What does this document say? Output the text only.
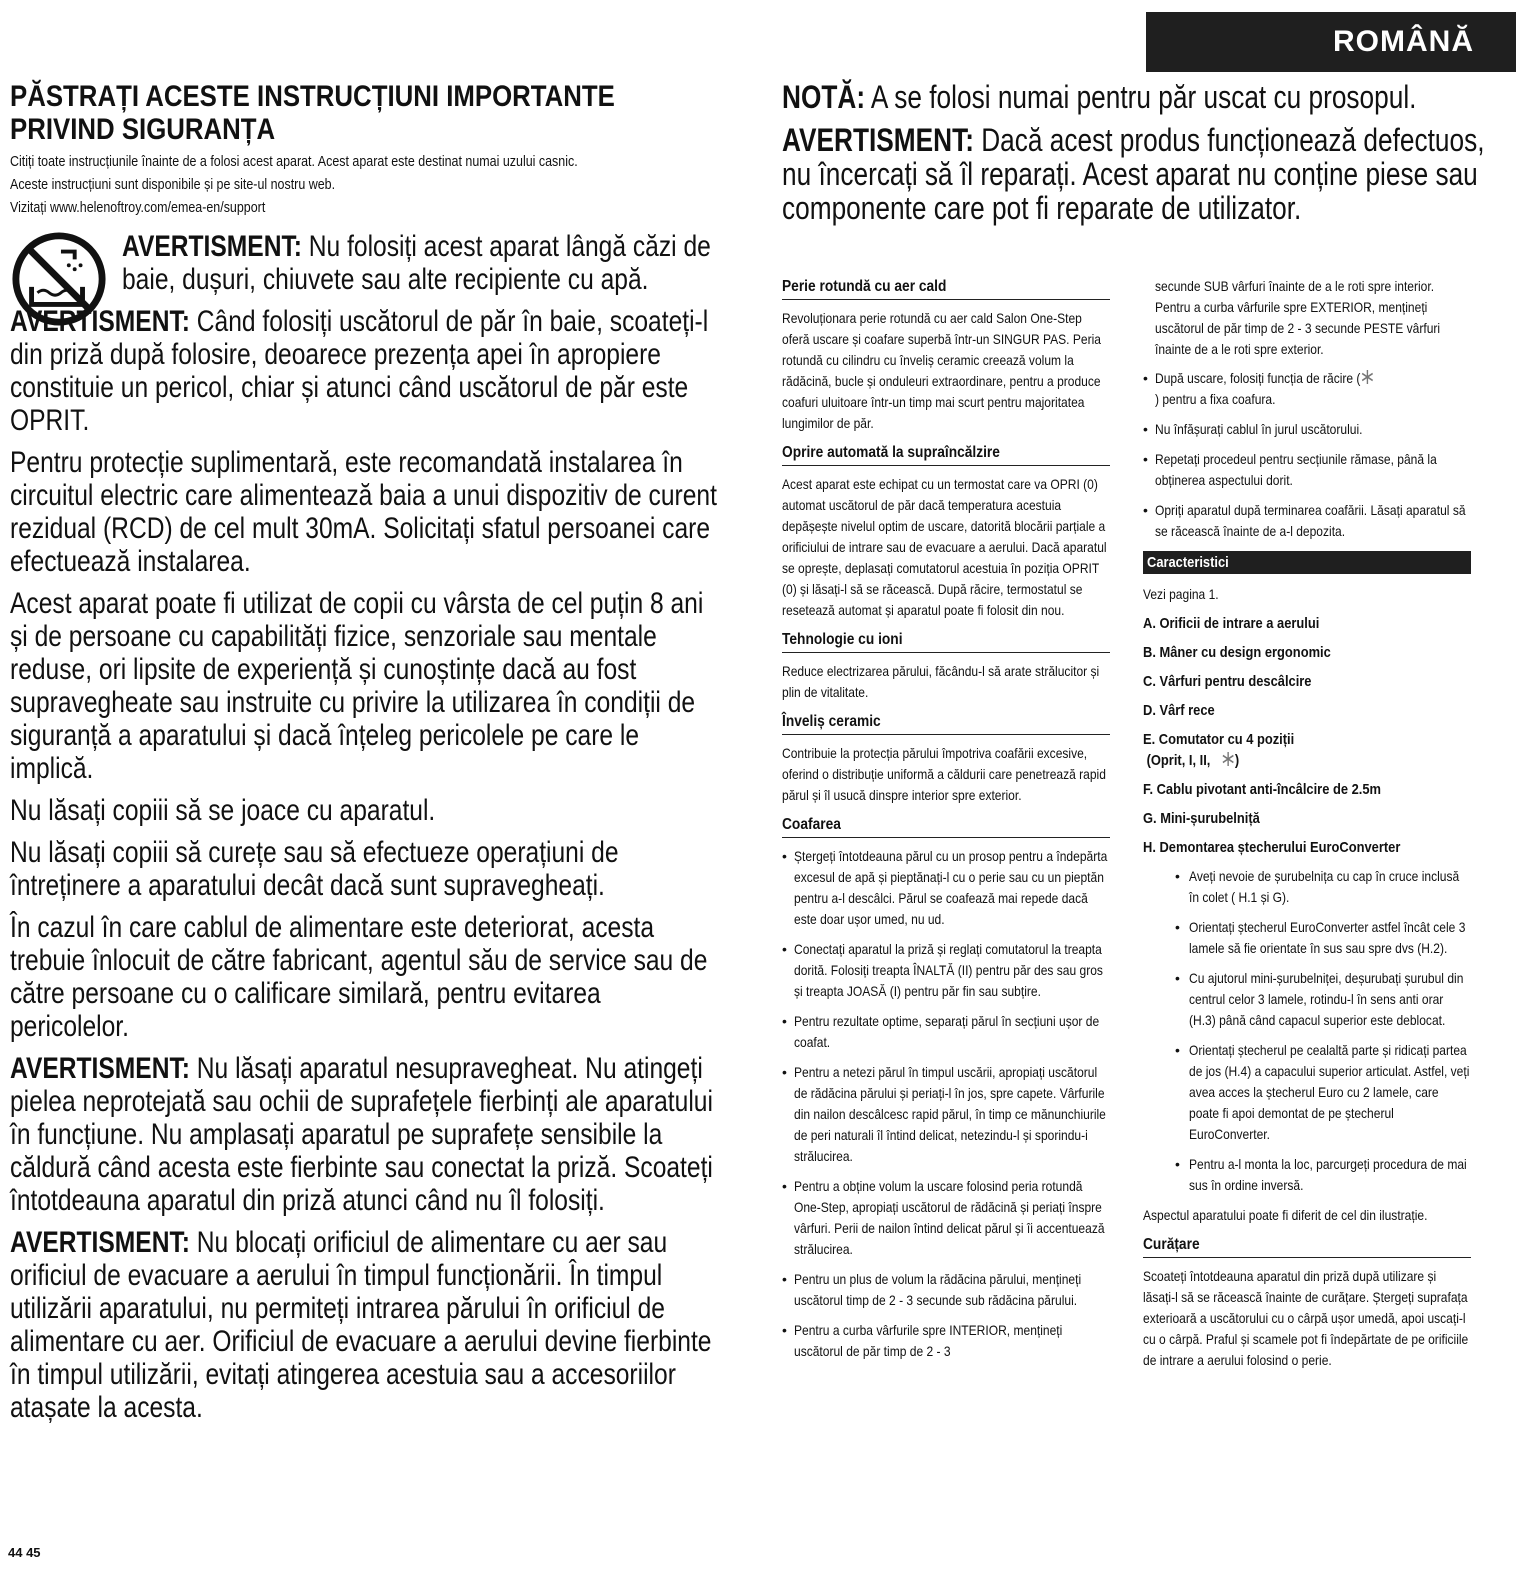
ROMÂNĂ
PĂSTRAȚI ACESTE INSTRUCȚIUNI IMPORTANTE
PRIVIND SIGURANȚA

Citiți toate instrucțiunile înainte de a folosi acest aparat. Acest aparat este destinat numai uzului casnic.

Aceste instrucțiuni sunt disponibile și pe site-ul nostru web.

Vizitați www.helenoftroy.com/emea-en/support

AVERTISMENT: Nu folosiți acest aparat lângă căzi de baie, dușuri, chiuvete sau alte recipiente cu apă.

AVERTISMENT: Când folosiți uscătorul de păr în baie, scoateți-l din priză după folosire, deoarece prezența apei în apropiere constituie un pericol, chiar și atunci când uscătorul de păr este OPRIT.

Pentru protecție suplimentară, este recomandată instalarea în circuitul electric care alimentează baia a unui dispozitiv de curent rezidual (RCD) de cel mult 30mA. Solicitați sfatul persoanei care efectuează instalarea.

Acest aparat poate fi utilizat de copii cu vârsta de cel puțin 8 ani și de persoane cu capabilități fizice, senzoriale sau mentale reduse, ori lipsite de experiență și cunoștințe dacă au fost supravegheate sau instruite cu privire la utilizarea în condiții de siguranță a aparatului și dacă înțeleg pericolele pe care le implică.

Nu lăsați copiii să se joace cu aparatul.

Nu lăsați copiii să curețe sau să efectueze operațiuni de întreținere a aparatului decât dacă sunt supravegheați.

În cazul în care cablul de alimentare este deteriorat, acesta trebuie înlocuit de către fabricant, agentul său de service sau de către persoane cu o calificare similară, pentru evitarea pericolelor.

AVERTISMENT: Nu lăsați aparatul nesupravegheat. Nu atingeți pielea neprotejată sau ochii de suprafețele fierbinți ale aparatului în funcțiune. Nu amplasați aparatul pe suprafețe sensibile la căldură când acesta este fierbinte sau conectat la priză. Scoateți întotdeauna aparatul din priză atunci când nu îl folosiți.

AVERTISMENT: Nu blocați orificiul de alimentare cu aer sau orificiul de evacuare a aerului în timpul funcționării. În timpul utilizării aparatului, nu permiteți intrarea părului în orificiul de alimentare cu aer. Orificiul de evacuare a aerului devine fierbinte în timpul utilizării, evitați atingerea acestuia sau a accesoriilor atașate la acesta.

44 45

NOTĂ: A se folosi numai pentru păr uscat cu prosopul.

AVERTISMENT: Dacă acest produs funcționează defectuos, nu încercați să îl reparați. Acest aparat nu conține piese sau componente care pot fi reparate de utilizator.

Perie rotundă cu aer cald
Revoluționara perie rotundă cu aer cald Salon One-Step oferă uscare și coafare superbă într-un SINGUR PAS. Peria rotundă cu cilindru cu înveliș ceramic creează volum la rădăcină, bucle și onduleuri extraordinare, pentru a produce coafuri uluitoare într-un timp mai scurt pentru majoritatea lungimilor de păr.
Oprire automată la supraîncălzire
Acest aparat este echipat cu un termostat care va OPRI (0) automat uscătorul de păr dacă temperatura acestuia depășește nivelul optim de uscare, datorită blocării parțiale a orificiului de intrare sau de evacuare a aerului. Dacă aparatul se oprește, deplasați comutatorul acestuia în poziția OPRIT (0) și lăsați-l să se răcească. După răcire, termostatul se resetează automat și aparatul poate fi folosit din nou.
Tehnologie cu ioni
Reduce electrizarea părului, făcându-l să arate strălucitor și plin de vitalitate.
Înveliș ceramic
Contribuie la protecția părului împotriva coafării excesive, oferind o distribuție uniformă a căldurii care penetrează rapid părul și îl usucă dinspre interior spre exterior.
Coafarea
• Ștergeți întotdeauna părul cu un prosop pentru a îndepărta excesul de apă și pieptănați-l cu o perie sau cu un pieptăn pentru a-l descâlci. Părul se coafează mai repede dacă este doar ușor umed, nu ud.
• Conectați aparatul la priză și reglați comutatorul la treapta dorită. Folosiți treapta ÎNALTĂ (II) pentru păr des sau gros și treapta JOASĂ (I) pentru păr fin sau subțire.
• Pentru rezultate optime, separați părul în secțiuni ușor de coafat.
• Pentru a netezi părul în timpul uscării, apropiați uscătorul de rădăcina părului și periați-l în jos, spre capete. Vârfurile din nailon descâlcesc rapid părul, în timp ce mănunchiurile de peri naturali îl întind delicat, netezindu-l și sporindu-i strălucirea.
• Pentru a obține volum la uscare folosind peria rotundă One-Step, apropiați uscătorul de rădăcină și periați înspre vârfuri. Perii de nailon întind delicat părul și îi accentuează strălucirea.
• Pentru un plus de volum la rădăcina părului, mențineți uscătorul timp de 2 - 3 secunde sub rădăcina părului.
• Pentru a curba vârfurile spre INTERIOR, mențineți uscătorul de păr timp de 2 - 3
secunde SUB vârfuri înainte de a le roti spre interior. Pentru a curba vârfurile spre EXTERIOR, mențineți uscătorul de păr timp de 2 - 3 secunde PESTE vârfuri înainte de a le roti spre exterior.
• După uscare, folosiți funcția de răcire () pentru a fixa coafura.
• Nu înfășurați cablul în jurul uscătorului.
• Repetați procedeul pentru secțiunile rămase, până la obținerea aspectului dorit.
• Opriți aparatul după terminarea coafării. Lăsați aparatul să se răcească înainte de a-l depozita.
Caracteristici
Vezi pagina 1.
A. Orificii de intrare a aerului
B. Mâner cu design ergonomic
C. Vârfuri pentru descâlcire
D. Vârf rece
E. Comutator cu 4 poziții
(Oprit, I, II, )
F. Cablu pivotant anti-încâlcire de 2.5m
G. Mini-șurubelniță
H. Demontarea ștecherului EuroConverter
• Aveți nevoie de șurubelnița cu cap în cruce inclusă în colet ( H.1 și G).
• Orientați ștecherul EuroConverter astfel încât cele 3 lamele să fie orientate în sus sau spre dvs (H.2).
• Cu ajutorul mini-șurubelniței, deșurubați șurubul din centrul celor 3 lamele, rotindu-l în sens anti orar (H.3) până când capacul superior este deblocat.
• Orientați ștecherul pe cealaltă parte și ridicați partea de jos (H.4) a capacului superior articulat. Astfel, veți avea acces la ștecherul Euro cu 2 lamele, care poate fi apoi demontat de pe ștecherul EuroConverter.
• Pentru a-l monta la loc, parcurgeți procedura de mai sus în ordine inversă.
Aspectul aparatului poate fi diferit de cel din ilustrație.
Curățare
Scoateți întotdeauna aparatul din priză după utilizare și lăsați-l să se răcească înainte de curățare. Ștergeți suprafața exterioară a uscătorului cu o cârpă ușor umedă, apoi uscați-l cu o cârpă. Praful și scamele pot fi îndepărtate de pe orificiile de intrare a aerului folosind o perie.
